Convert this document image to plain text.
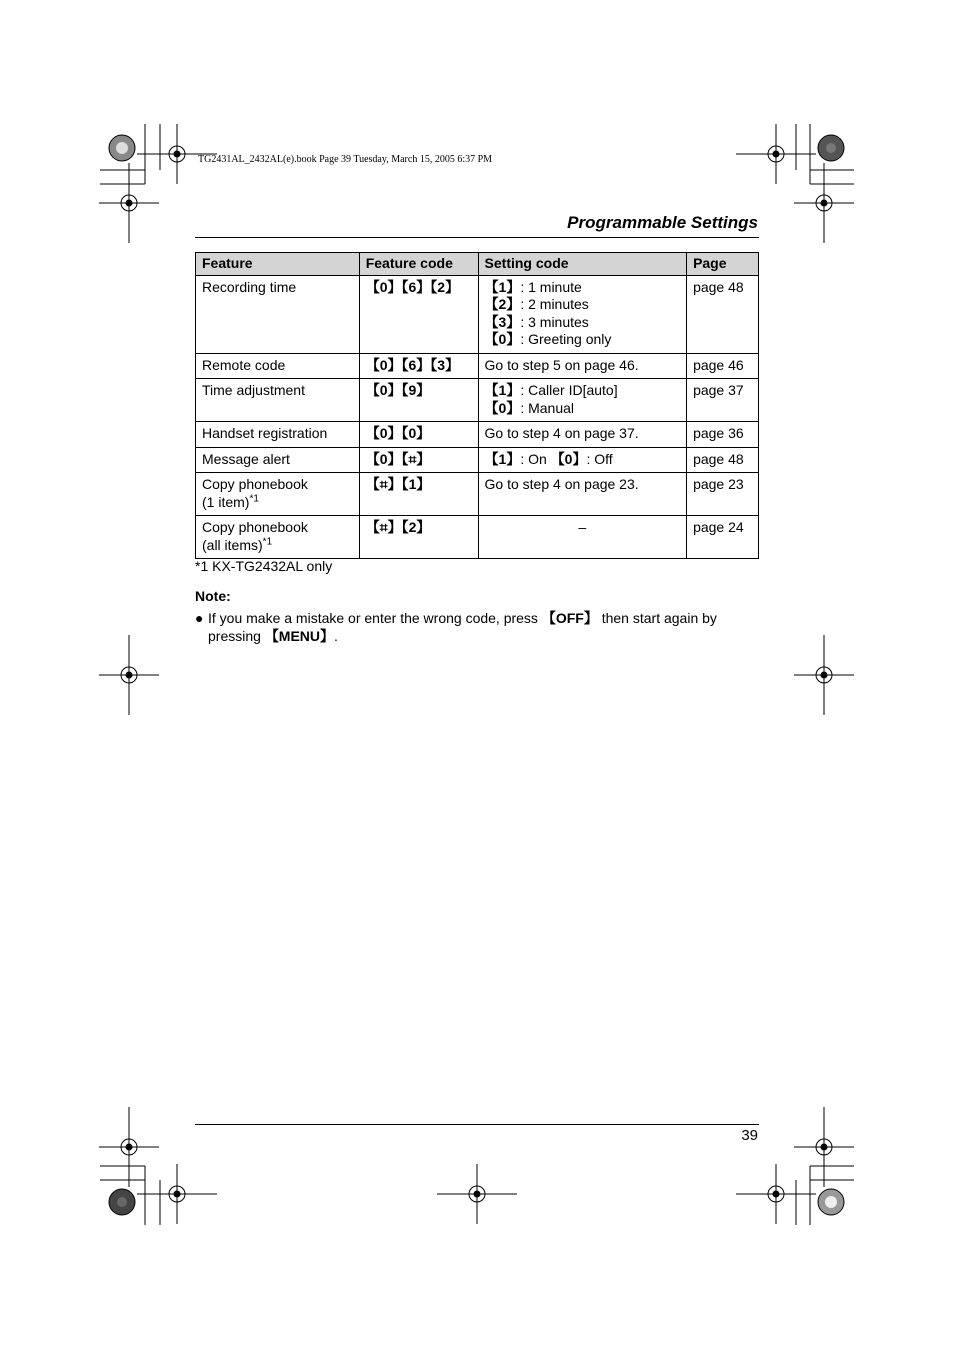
TG2431AL_2432AL(e).book Page 39 Tuesday, March 15, 2005 6:37 PM
Programmable Settings
Feature	Feature code	Setting code	Page
Recording time	【0】【6】【2】	【1】: 1 minute
【2】: 2 minutes
【3】: 3 minutes
【0】: Greeting only	page 48
Remote code	【0】【6】【3】	Go to step 5 on page 46.	page 46
Time adjustment	【0】【9】	【1】: Caller ID[auto]
【0】: Manual	page 37
Handset registration	【0】【0】	Go to step 4 on page 37.	page 36
Message alert	【0】【⌗】	【1】: On 【0】: Off	page 48

Copy phonebook
(1 item)$^{*1}$	【⌗】【1】	Go to step 4 on page 23.	page 23

Copy phonebook
(all items)$^{*1}$	【⌗】【2】	–	page 24
*1 KX-TG2432AL only
Note:
● If you make a mistake or enter the wrong code, press 【OFF】 then start again by pressing 【MENU】.
39
